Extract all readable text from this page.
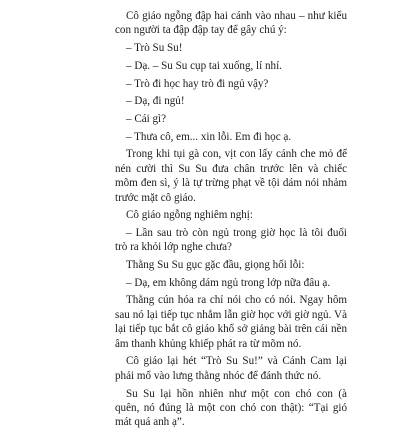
Cô giáo ngỗng đập hai cánh vào nhau – như kiểu con người ta đập đập tay để gây chú ý:

– Trò Su Su!

– Dạ. – Su Su cụp tai xuống, lí nhí.

– Trò đi học hay trò đi ngủ vậy?

– Dạ, đi ngủ!

– Cái gì?

– Thưa cô, em... xin lỗi. Em đi học ạ.

Trong khi tụi gà con, vịt con lấy cánh che mỏ để nén cười thì Su Su đưa chân trước lên và chiếc mõm đen sì, ý là tự trừng phạt về tội dám nói nhảm trước mặt cô giáo.

Cô giáo ngỗng nghiêm nghị:

– Lần sau trò còn ngủ trong giờ học là tôi đuổi trò ra khỏi lớp nghe chưa?

Thằng Su Su gục gặc đầu, giọng hối lỗi:

– Dạ, em không dám ngủ trong lớp nữa đâu ạ.

Thằng cún hóa ra chỉ nói cho có nói. Ngay hôm sau nó lại tiếp tục nhắm lẫn giờ học với giờ ngủ. Và lại tiếp tục bắt cô giáo khổ sở giảng bài trên cái nền âm thanh khủng khiếp phát ra từ mõm nó.

Cô giáo lại hét “Trò Su Su!” và Cánh Cam lại phải mổ vào lưng thằng nhóc để đánh thức nó.

Su Su lại hồn nhiên như một con chó con (à quên, nó đúng là một con chó con thật): “Tại gió mát quá anh ạ”.
